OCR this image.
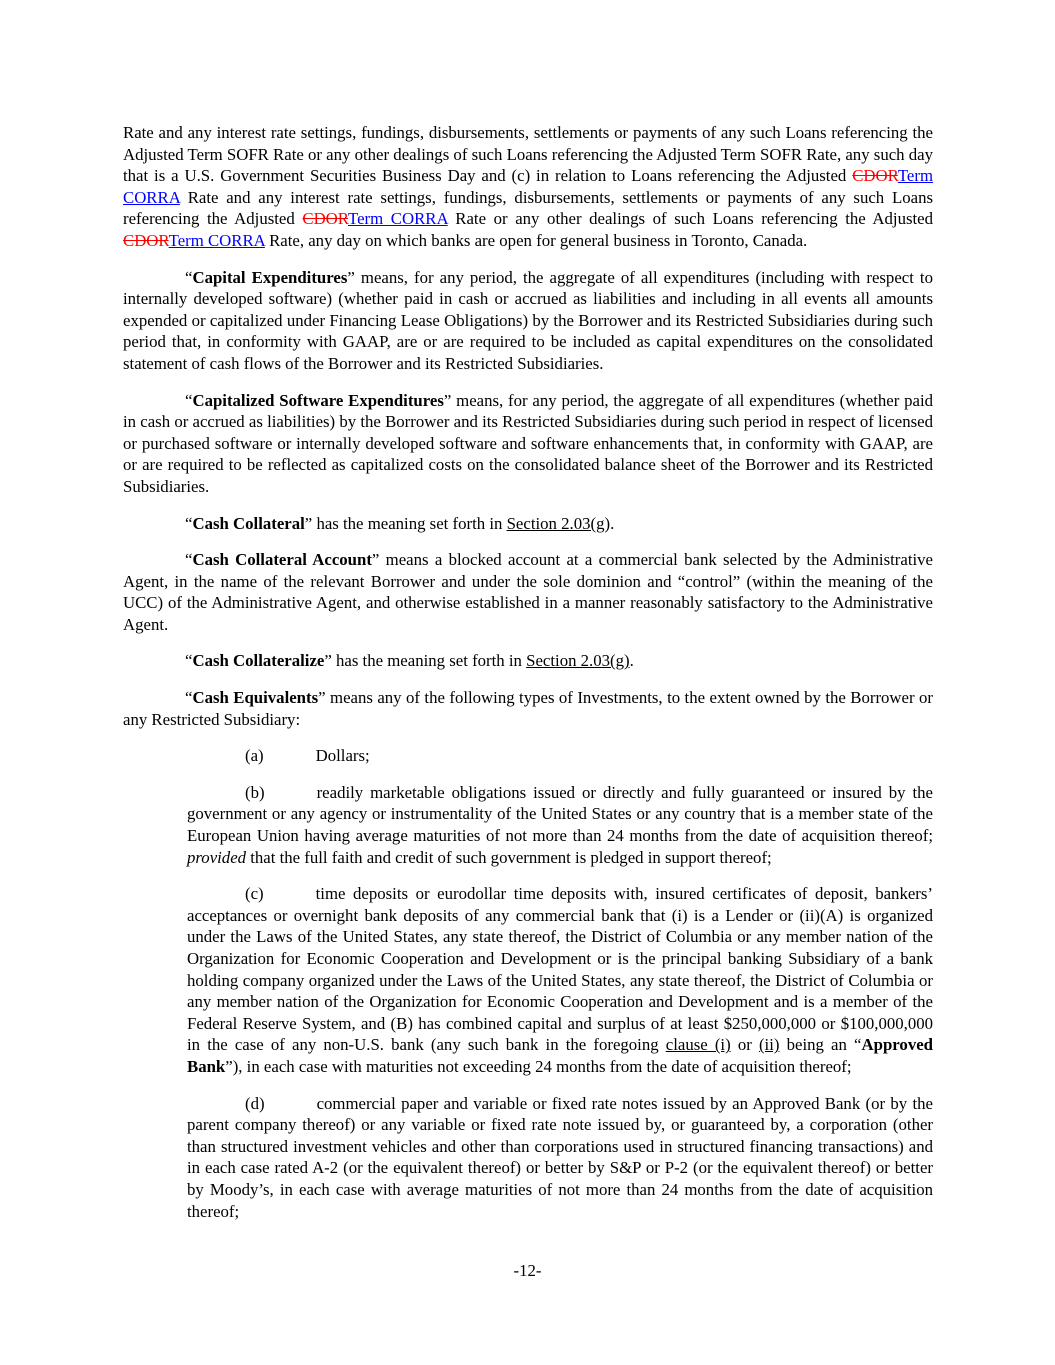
Rate and any interest rate settings, fundings, disbursements, settlements or payments of any such Loans referencing the Adjusted Term SOFR Rate or any other dealings of such Loans referencing the Adjusted Term SOFR Rate, any such day that is a U.S. Government Securities Business Day and (c) in relation to Loans referencing the Adjusted CDORTerm CORRA Rate and any interest rate settings, fundings, disbursements, settlements or payments of any such Loans referencing the Adjusted CDORTerm CORRA Rate or any other dealings of such Loans referencing the Adjusted CDORTerm CORRA Rate, any day on which banks are open for general business in Toronto, Canada.

“Capital Expenditures” means, for any period, the aggregate of all expenditures (including with respect to internally developed software) (whether paid in cash or accrued as liabilities and including in all events all amounts expended or capitalized under Financing Lease Obligations) by the Borrower and its Restricted Subsidiaries during such period that, in conformity with GAAP, are or are required to be included as capital expenditures on the consolidated statement of cash flows of the Borrower and its Restricted Subsidiaries.

“Capitalized Software Expenditures” means, for any period, the aggregate of all expenditures (whether paid in cash or accrued as liabilities) by the Borrower and its Restricted Subsidiaries during such period in respect of licensed or purchased software or internally developed software and software enhancements that, in conformity with GAAP, are or are required to be reflected as capitalized costs on the consolidated balance sheet of the Borrower and its Restricted Subsidiaries.

“Cash Collateral” has the meaning set forth in Section 2.03(g).

“Cash Collateral Account” means a blocked account at a commercial bank selected by the Administrative Agent, in the name of the relevant Borrower and under the sole dominion and “control” (within the meaning of the UCC) of the Administrative Agent, and otherwise established in a manner reasonably satisfactory to the Administrative Agent.

“Cash Collateralize” has the meaning set forth in Section 2.03(g).

“Cash Equivalents” means any of the following types of Investments, to the extent owned by the Borrower or any Restricted Subsidiary:

(a)	Dollars;

(b)	readily marketable obligations issued or directly and fully guaranteed or insured by the government or any agency or instrumentality of the United States or any country that is a member state of the European Union having average maturities of not more than 24 months from the date of acquisition thereof; provided that the full faith and credit of such government is pledged in support thereof;

(c)	time deposits or eurodollar time deposits with, insured certificates of deposit, bankers’ acceptances or overnight bank deposits of any commercial bank that (i) is a Lender or (ii)(A) is organized under the Laws of the United States, any state thereof, the District of Columbia or any member nation of the Organization for Economic Cooperation and Development or is the principal banking Subsidiary of a bank holding company organized under the Laws of the United States, any state thereof, the District of Columbia or any member nation of the Organization for Economic Cooperation and Development and is a member of the Federal Reserve System, and (B) has combined capital and surplus of at least $250,000,000 or $100,000,000 in the case of any non-U.S. bank (any such bank in the foregoing clause (i) or (ii) being an “Approved Bank”), in each case with maturities not exceeding 24 months from the date of acquisition thereof;

(d)	commercial paper and variable or fixed rate notes issued by an Approved Bank (or by the parent company thereof) or any variable or fixed rate note issued by, or guaranteed by, a corporation (other than structured investment vehicles and other than corporations used in structured financing transactions) and in each case rated A-2 (or the equivalent thereof) or better by S&P or P-2 (or the equivalent thereof) or better by Moody’s, in each case with average maturities of not more than 24 months from the date of acquisition thereof;

-12-
